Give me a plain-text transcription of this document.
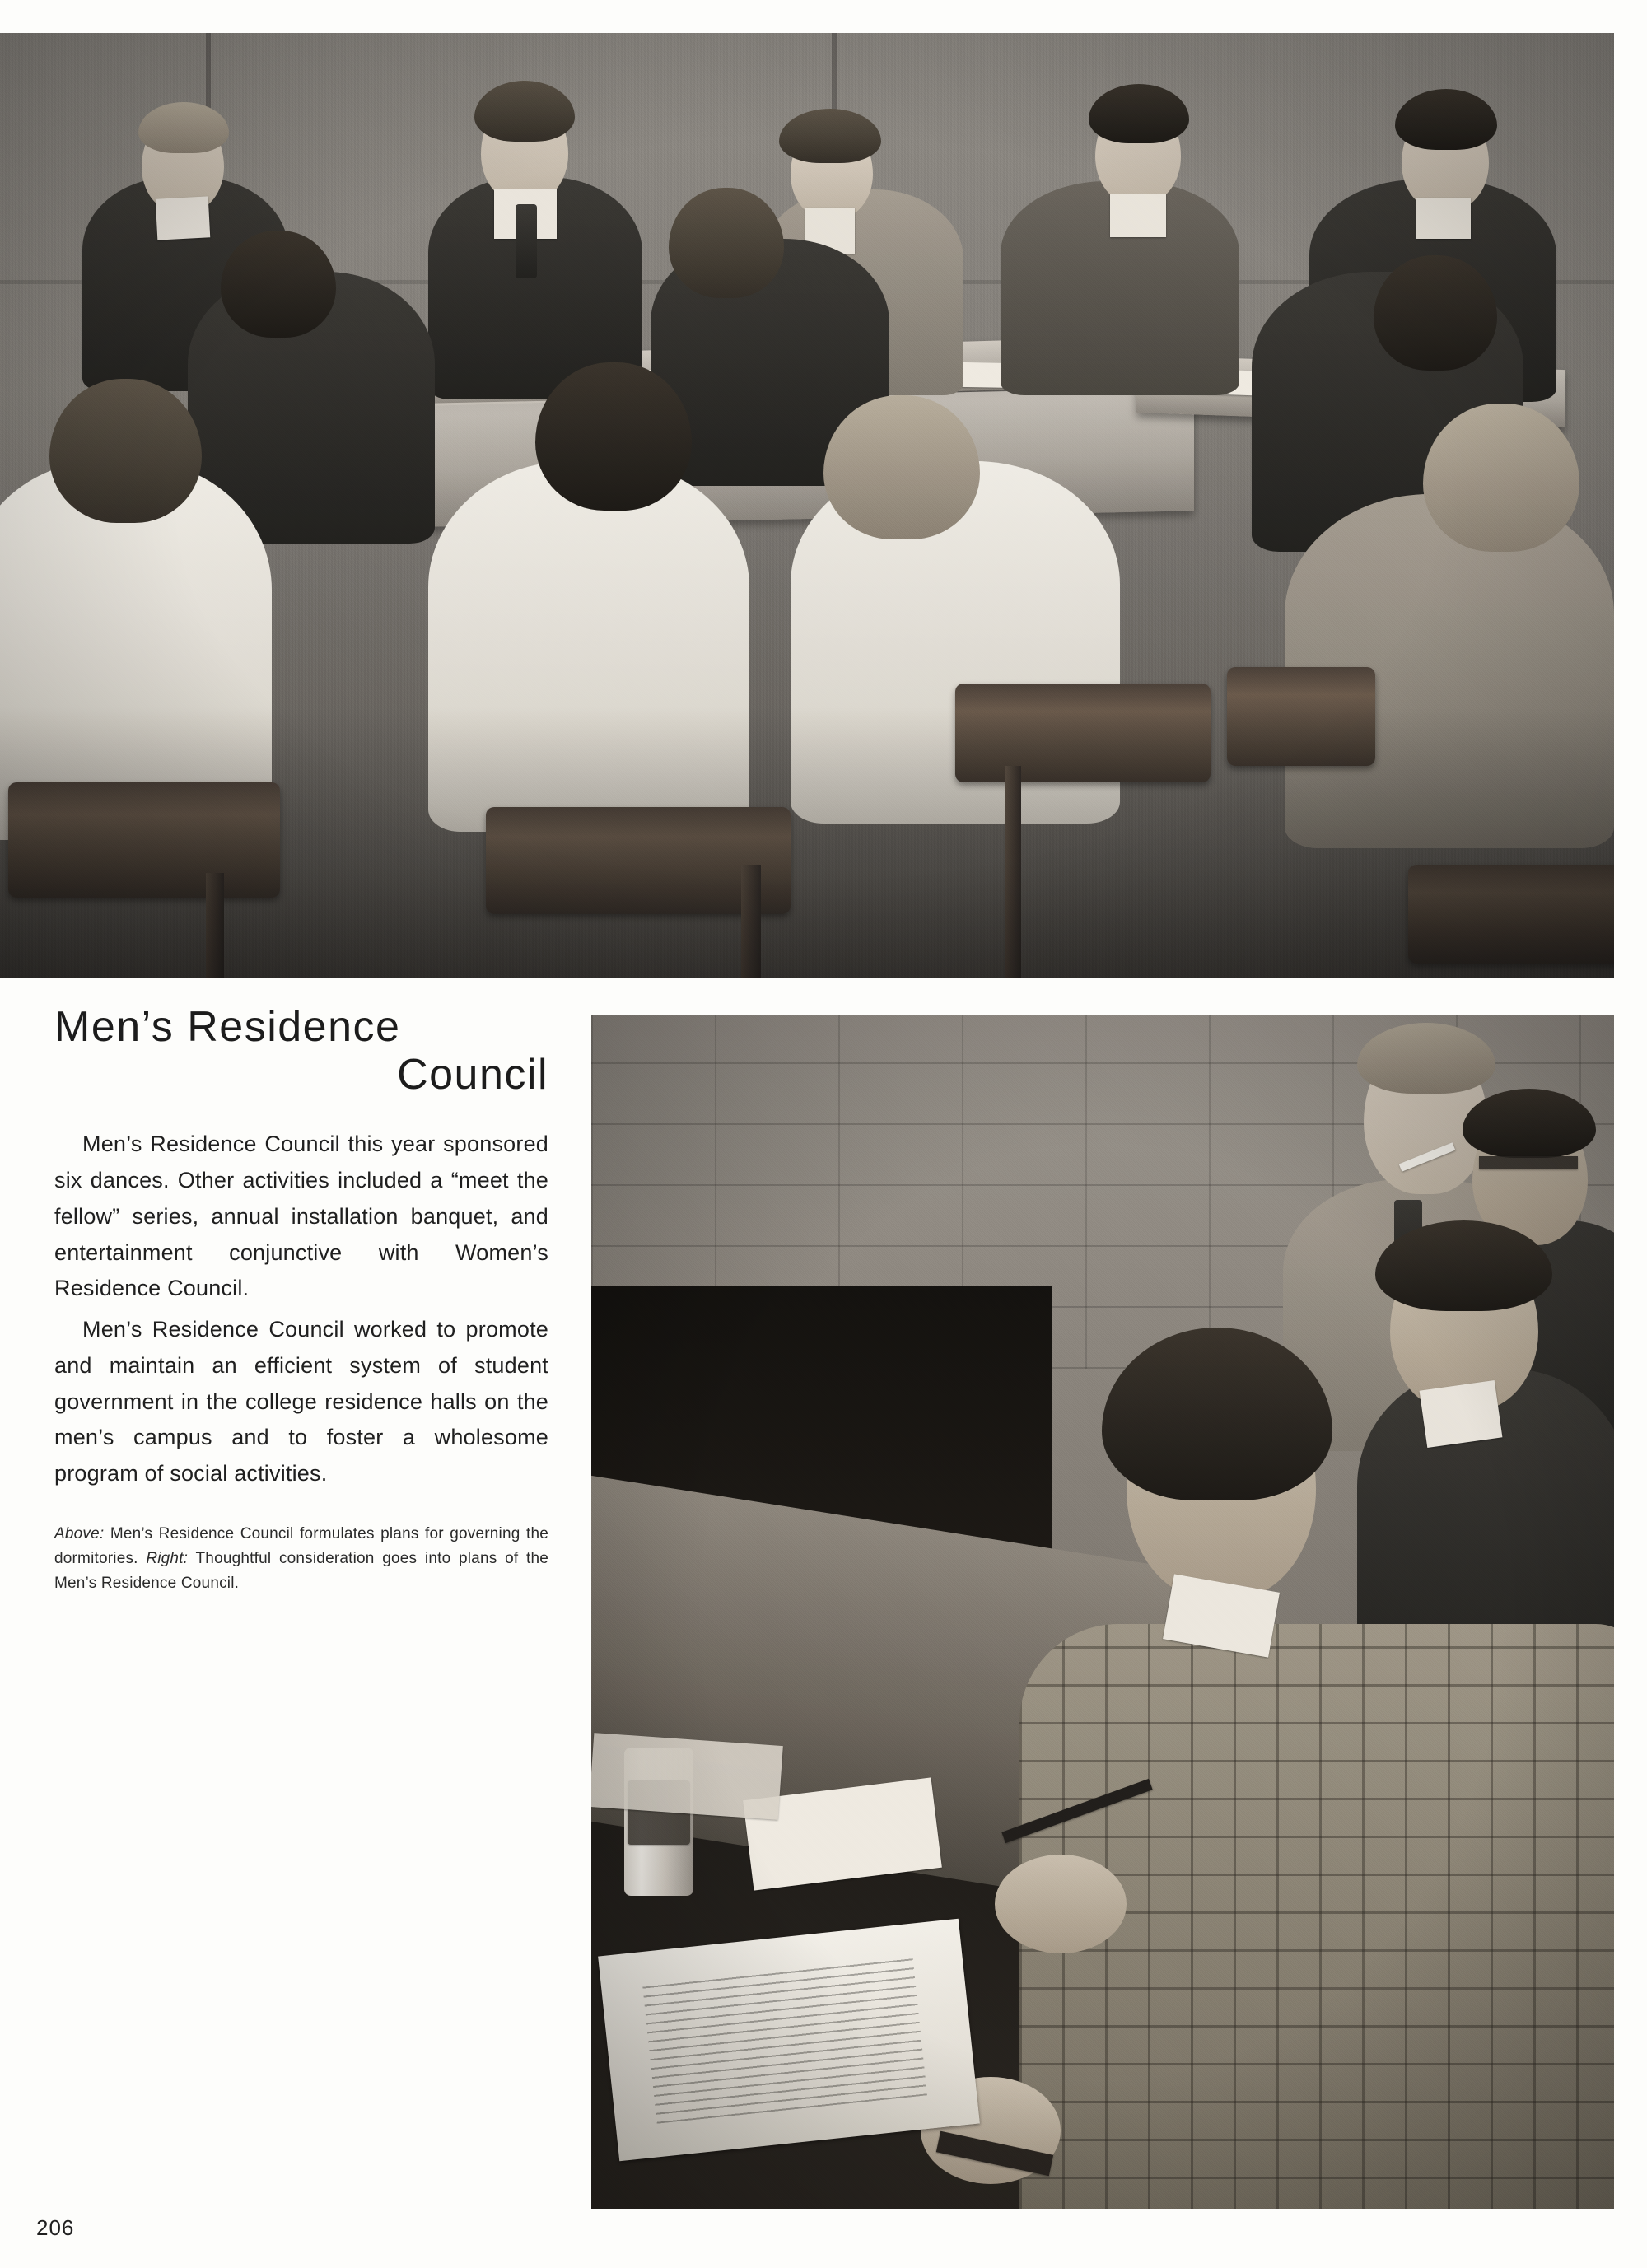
Men’s Residence
Council

Men’s Residence Council this year sponsored six dances. Other activities included a “meet the fellow” series, annual installation banquet, and entertainment conjunctive with Women’s Residence Council.

Men’s Residence Council worked to promote and maintain an efficient system of student government in the college residence halls on the men’s campus and to foster a wholesome program of social activities.

Above: Men’s Residence Council formulates plans for governing the dormitories. Right: Thoughtful consideration goes into plans of the Men’s Residence Council.

206
